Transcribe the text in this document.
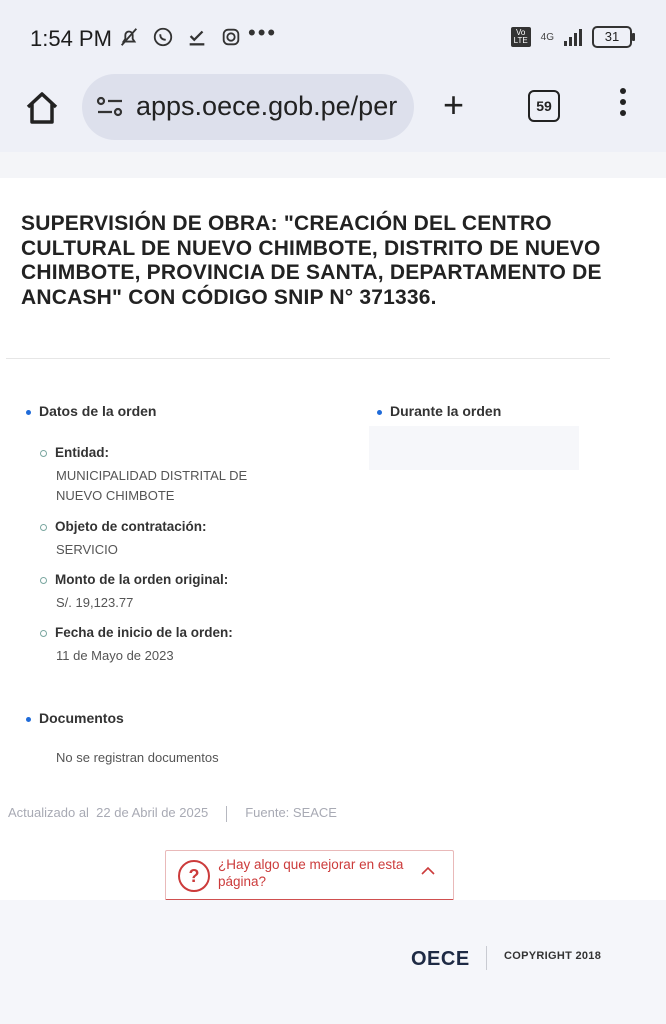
1:54 PM	•••	Vo LTE 4G	31
apps.oece.gob.pe/per +	59
SUPERVISIÓN DE OBRA: "CREACIÓN DEL CENTRO CULTURAL DE NUEVO CHIMBOTE, DISTRITO DE NUEVO CHIMBOTE, PROVINCIA DE SANTA, DEPARTAMENTO DE ANCASH" CON CÓDIGO SNIP N° 371336.
Datos de la orden	Durante la orden
Entidad:
MUNICIPALIDAD DISTRITAL DE NUEVO CHIMBOTE
Objeto de contratación:
SERVICIO
Monto de la orden original:
S/. 19,123.77
Fecha de inicio de la orden:
11 de Mayo de 2023
Documentos
No se registran documentos
Actualizado al  22 de Abril de 2025	Fuente: SEACE
?
¿Hay algo que mejorar en esta página?
OECE	COPYRIGHT 2018
